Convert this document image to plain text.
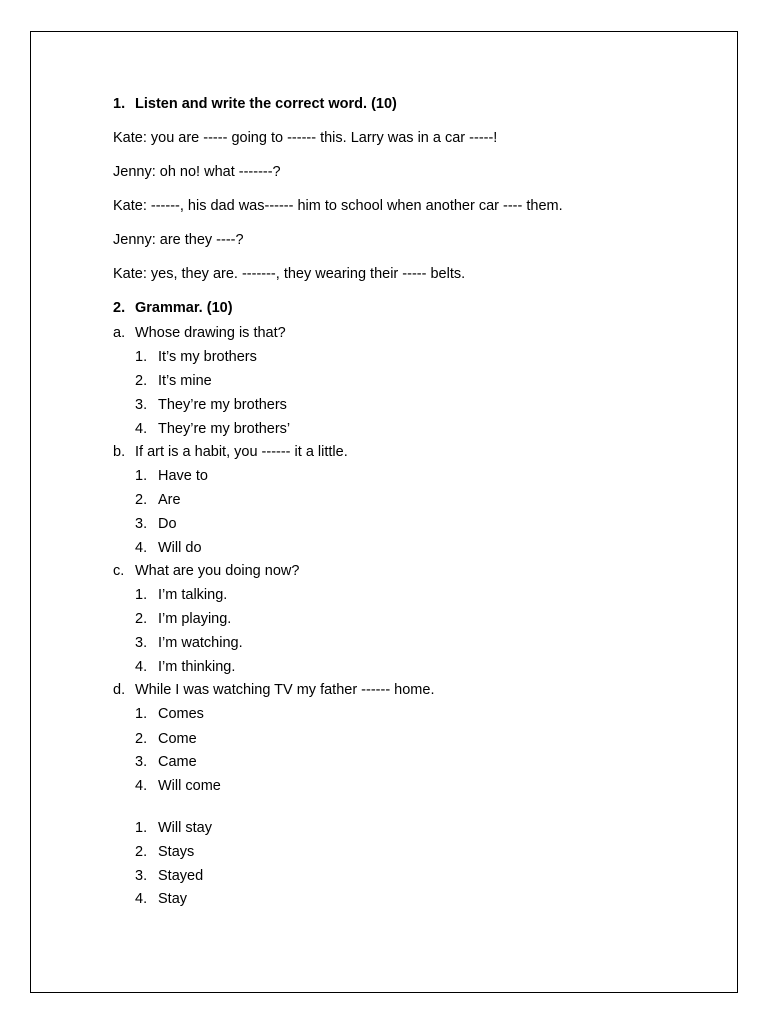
1. Listen and write the correct word. (10)
Kate: you are ----- going to ------ this. Larry was in a car -----!
Jenny: oh no! what -------?
Kate: ------, his dad was------ him to school when another car ---- them.
Jenny: are they ----?
Kate: yes, they are. -------, they wearing their ----- belts.
2. Grammar. (10)
a. Whose drawing is that?
1. It’s my brothers
2. It’s mine
3. They’re my brothers
4. They’re my brothers’
b. If art is a habit, you ------ it a little.
1. Have to
2. Are
3. Do
4. Will do
c. What are you doing now?
1. I’m talking.
2. I’m playing.
3. I’m watching.
4. I’m thinking.
d. While I was watching TV my father ------ home.
1. Comes
2. Come
3. Came
4. Will come
1. Will stay
2. Stays
3. Stayed
4. Stay
